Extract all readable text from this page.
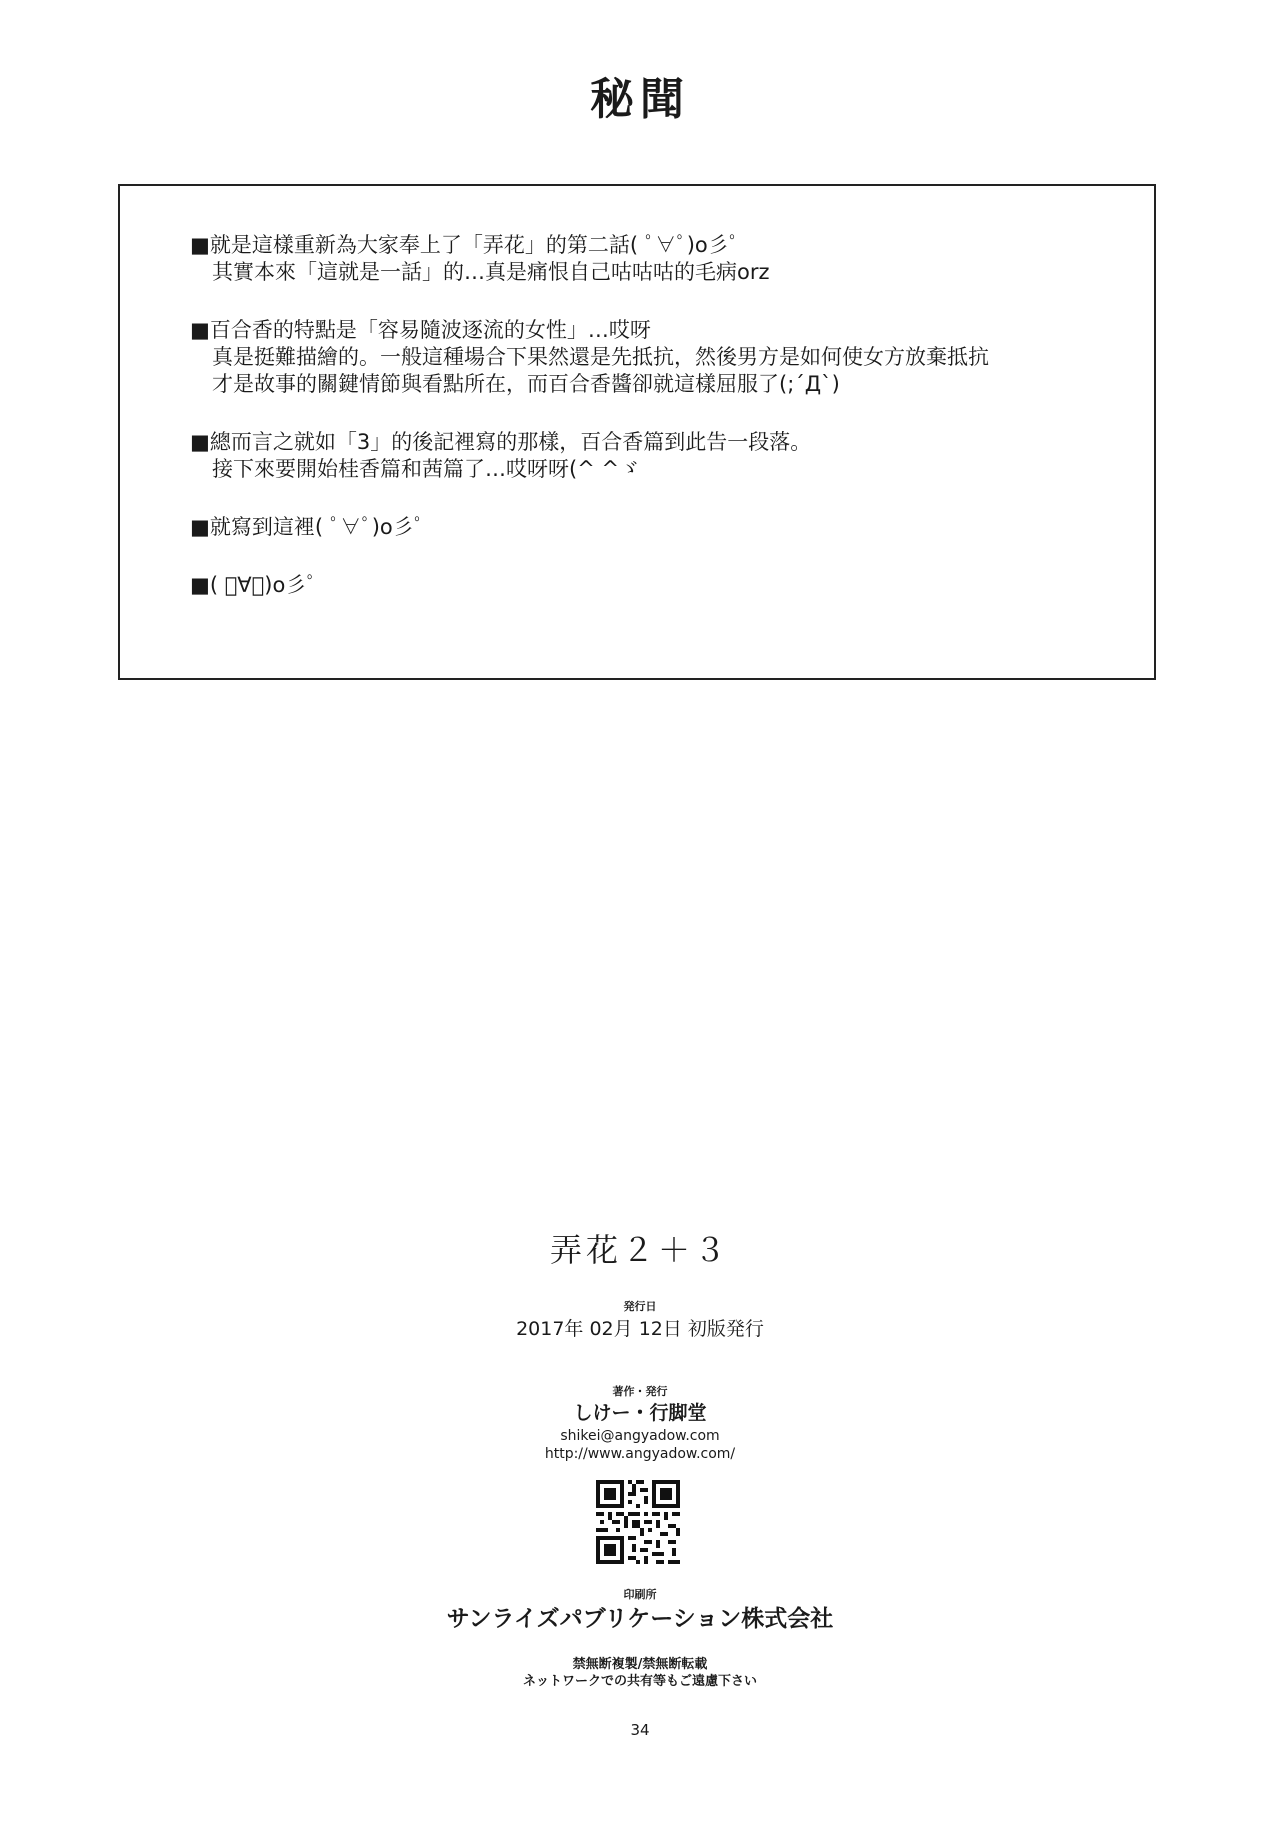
秘聞
■就是這樣重新為大家奉上了「弄花」的第二話( ﾟ∀ﾟ)o彡ﾟ
其實本來「這就是一話」的…真是痛恨自己咕咕咕的毛病orz
■百合香的特點是「容易隨波逐流的女性」…哎呀
真是挺難描繪的。一般這種場合下果然還是先抵抗，然後男方是如何使女方放棄抵抗
才是故事的關鍵情節與看點所在，而百合香醬卻就這樣屈服了(;´Д`)
■總而言之就如「3」的後記裡寫的那樣，百合香篇到此告一段落。
接下來要開始桂香篇和茜篇了…哎呀呀(^ ^ゞ
■就寫到這裡( ﾟ∀ﾟ)o彡ﾟ
■( ﾟ∀ﾟ)o彡ﾟ
弄花２＋３
発行日
2017年 02月 12日 初版発行
著作・発行
しけー・行脚堂
shikei@angyadow.com
http://www.angyadow.com/
印刷所
サンライズパブリケーション株式会社
禁無断複製/禁無断転載
ネットワークでの共有等もご遠慮下さい
34
